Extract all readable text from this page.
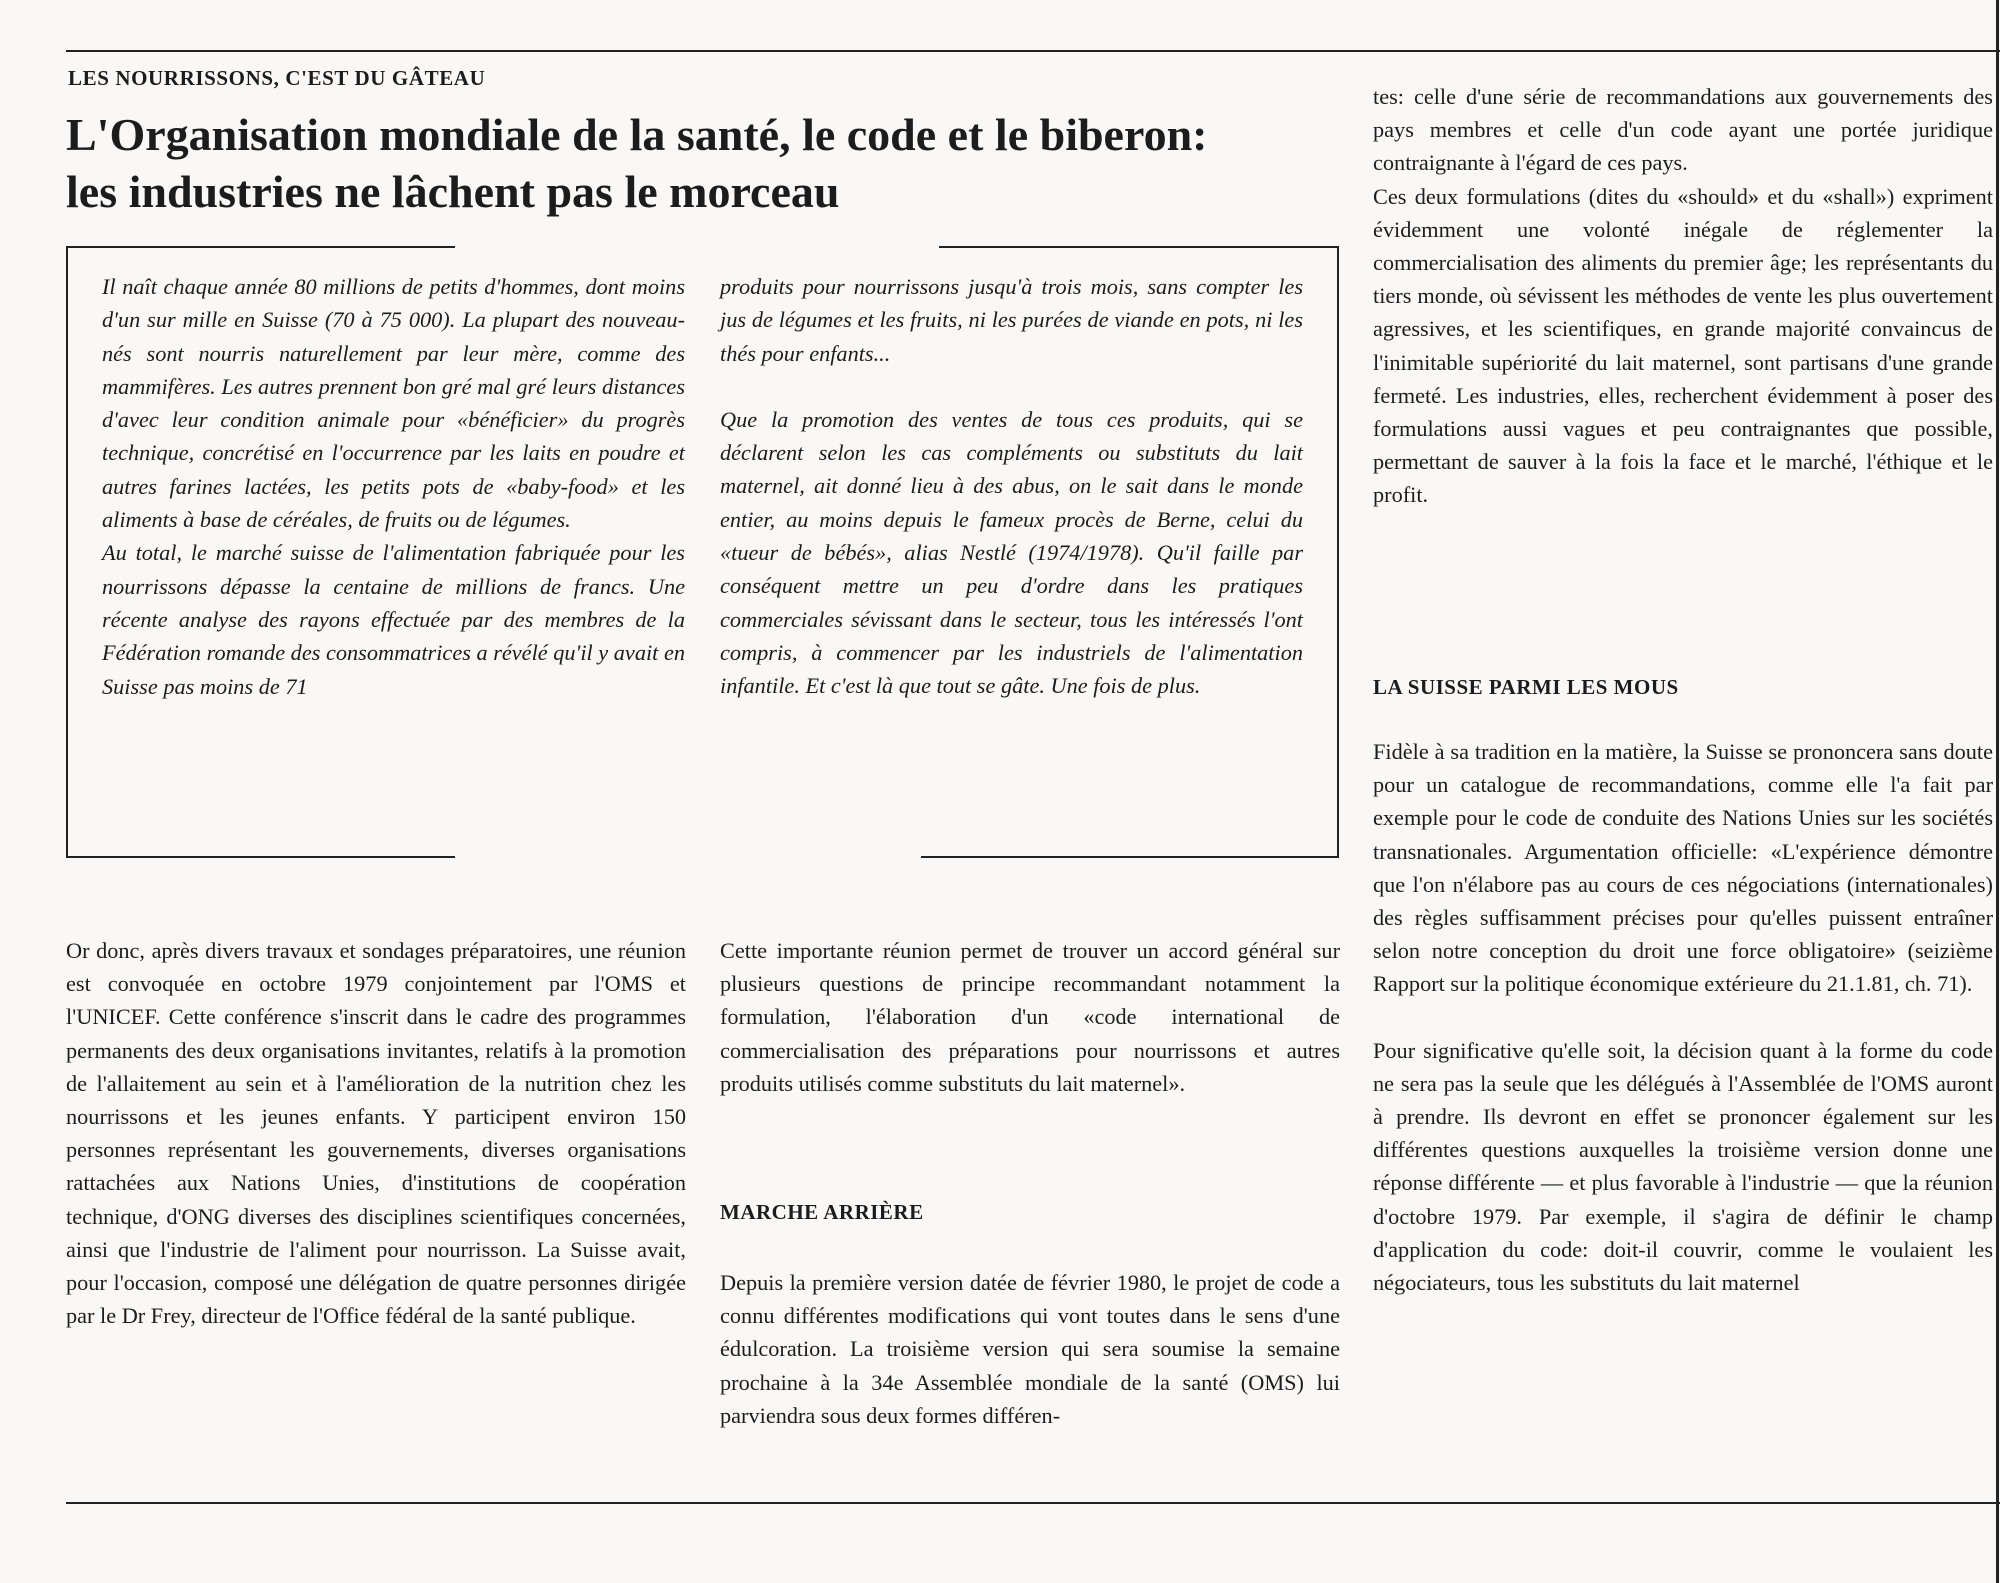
LES NOURRISSONS, C'EST DU GÂTEAU

L'Organisation mondiale de la santé, le code et le biberon:
les industries ne lâchent pas le morceau

Il naît chaque année 80 millions de petits d'hommes, dont moins d'un sur mille en Suisse (70 à 75 000). La plupart des nouveau-nés sont nourris naturellement par leur mère, comme des mammifères. Les autres prennent bon gré mal gré leurs distances d'avec leur condition animale pour «bénéficier» du progrès technique, concrétisé en l'occurrence par les laits en poudre et autres farines lactées, les petits pots de «baby-food» et les aliments à base de céréales, de fruits ou de légumes.

Au total, le marché suisse de l'alimentation fabriquée pour les nourrissons dépasse la centaine de millions de francs. Une récente analyse des rayons effectuée par des membres de la Fédération romande des consommatrices a révélé qu'il y avait en Suisse pas moins de 71

produits pour nourrissons jusqu'à trois mois, sans compter les jus de légumes et les fruits, ni les purées de viande en pots, ni les thés pour enfants...

Que la promotion des ventes de tous ces produits, qui se déclarent selon les cas compléments ou substituts du lait maternel, ait donné lieu à des abus, on le sait dans le monde entier, au moins depuis le fameux procès de Berne, celui du «tueur de bébés», alias Nestlé (1974/1978). Qu'il faille par conséquent mettre un peu d'ordre dans les pratiques commerciales sévissant dans le secteur, tous les intéressés l'ont compris, à commencer par les industriels de l'alimentation infantile. Et c'est là que tout se gâte. Une fois de plus.

Or donc, après divers travaux et sondages préparatoires, une réunion est convoquée en octobre 1979 conjointement par l'OMS et l'UNICEF. Cette conférence s'inscrit dans le cadre des programmes permanents des deux organisations invitantes, relatifs à la promotion de l'allaitement au sein et à l'amélioration de la nutrition chez les nourrissons et les jeunes enfants. Y participent environ 150 personnes représentant les gouvernements, diverses organisations rattachées aux Nations Unies, d'institutions de coopération technique, d'ONG diverses des disciplines scientifiques concernées, ainsi que l'industrie de l'aliment pour nourrisson. La Suisse avait, pour l'occasion, composé une délégation de quatre personnes dirigée par le Dr Frey, directeur de l'Office fédéral de la santé publique.

Cette importante réunion permet de trouver un accord général sur plusieurs questions de principe recommandant notamment la formulation, l'élaboration d'un «code international de commercialisation des préparations pour nourrissons et autres produits utilisés comme substituts du lait maternel».

MARCHE ARRIÈRE

Depuis la première version datée de février 1980, le projet de code a connu différentes modifications qui vont toutes dans le sens d'une édulcoration. La troisième version qui sera soumise la semaine prochaine à la 34e Assemblée mondiale de la santé (OMS) lui parviendra sous deux formes différen-

tes: celle d'une série de recommandations aux gouvernements des pays membres et celle d'un code ayant une portée juridique contraignante à l'égard de ces pays.

Ces deux formulations (dites du «should» et du «shall») expriment évidemment une volonté inégale de réglementer la commercialisation des aliments du premier âge; les représentants du tiers monde, où sévissent les méthodes de vente les plus ouvertement agressives, et les scientifiques, en grande majorité convaincus de l'inimitable supériorité du lait maternel, sont partisans d'une grande fermeté. Les industries, elles, recherchent évidemment à poser des formulations aussi vagues et peu contraignantes que possible, permettant de sauver à la fois la face et le marché, l'éthique et le profit.

LA SUISSE PARMI LES MOUS

Fidèle à sa tradition en la matière, la Suisse se prononcera sans doute pour un catalogue de recommandations, comme elle l'a fait par exemple pour le code de conduite des Nations Unies sur les sociétés transnationales. Argumentation officielle: «L'expérience démontre que l'on n'élabore pas au cours de ces négociations (internationales) des règles suffisamment précises pour qu'elles puissent entraîner selon notre conception du droit une force obligatoire» (seizième Rapport sur la politique économique extérieure du 21.1.81, ch. 71).

Pour significative qu'elle soit, la décision quant à la forme du code ne sera pas la seule que les délégués à l'Assemblée de l'OMS auront à prendre. Ils devront en effet se prononcer également sur les différentes questions auxquelles la troisième version donne une réponse différente — et plus favorable à l'industrie — que la réunion d'octobre 1979. Par exemple, il s'agira de définir le champ d'application du code: doit-il couvrir, comme le voulaient les négociateurs, tous les substituts du lait maternel
